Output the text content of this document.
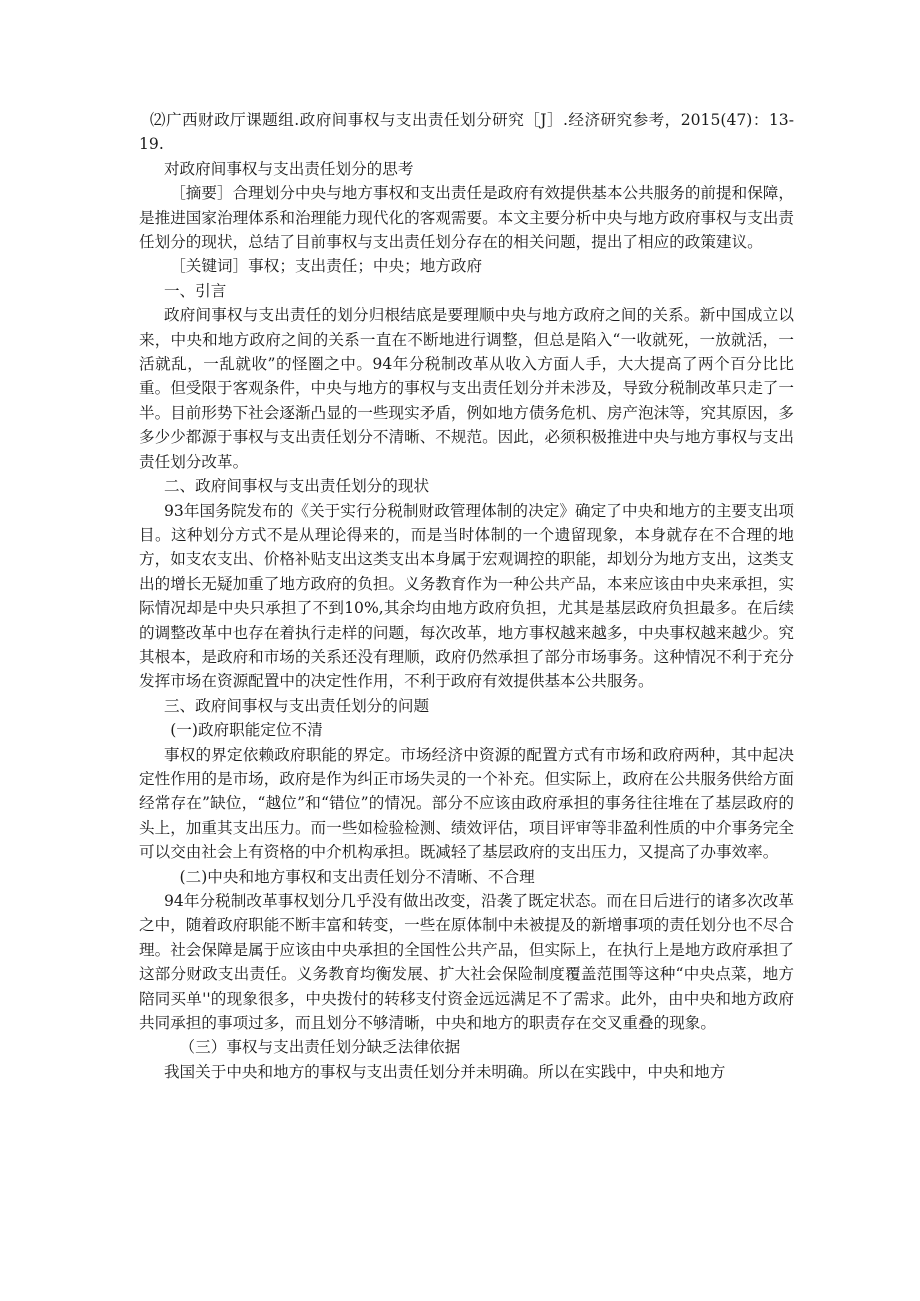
⑵广西财政厅课题组.政府间事权与支出责任划分研究［J］.经济研究参考，2015(47)：13-19.

对政府间事权与支出责任划分的思考

［摘要］合理划分中央与地方事权和支出责任是政府有效提供基本公共服务的前提和保障，是推进国家治理体系和治理能力现代化的客观需要。本文主要分析中央与地方政府事权与支出责任划分的现状，总结了目前事权与支出责任划分存在的相关问题，提出了相应的政策建议。

［关键词］事权；支出责任；中央；地方政府

一、引言

政府间事权与支出责任的划分归根结底是要理顺中央与地方政府之间的关系。新中国成立以来，中央和地方政府之间的关系一直在不断地进行调整，但总是陷入“一收就死，一放就活，一活就乱，一乱就收”的怪圈之中。94年分税制改革从收入方面人手，大大提高了两个百分比比重。但受限于客观条件，中央与地方的事权与支出责任划分并未涉及，导致分税制改革只走了一半。目前形势下社会逐渐凸显的一些现实矛盾，例如地方债务危机、房产泡沫等，究其原因，多多少少都源于事权与支出责任划分不清晰、不规范。因此，必须积极推进中央与地方事权与支出责任划分改革。

二、政府间事权与支出责任划分的现状

93年国务院发布的《关于实行分税制财政管理体制的决定》确定了中央和地方的主要支出项目。这种划分方式不是从理论得来的，而是当时体制的一个遗留现象，本身就存在不合理的地方，如支农支出、价格补贴支出这类支出本身属于宏观调控的职能，却划分为地方支出，这类支出的增长无疑加重了地方政府的负担。义务教育作为一种公共产品，本来应该由中央来承担，实际情况却是中央只承担了不到10%,其余均由地方政府负担，尤其是基层政府负担最多。在后续的调整改革中也存在着执行走样的问题，每次改革，地方事权越来越多，中央事权越来越少。究其根本，是政府和市场的关系还没有理顺，政府仍然承担了部分市场事务。这种情况不利于充分发挥市场在资源配置中的决定性作用，不利于政府有效提供基本公共服务。

三、政府间事权与支出责任划分的问题

(一)政府职能定位不清

事权的界定依赖政府职能的界定。市场经济中资源的配置方式有市场和政府两种，其中起决定性作用的是市场，政府是作为纠正市场失灵的一个补充。但实际上，政府在公共服务供给方面经常存在”缺位，“越位”和“错位”的情况。部分不应该由政府承担的事务往往堆在了基层政府的头上，加重其支出压力。而一些如检验检测、绩效评估，项目评审等非盈利性质的中介事务完全可以交由社会上有资格的中介机构承担。既减轻了基层政府的支出压力，又提高了办事效率。

(二)中央和地方事权和支出责任划分不清晰、不合理

94年分税制改革事权划分几乎没有做出改变，沿袭了既定状态。而在日后进行的诸多次改革之中，随着政府职能不断丰富和转变，一些在原体制中未被提及的新增事项的责任划分也不尽合理。社会保障是属于应该由中央承担的全国性公共产品，但实际上，在执行上是地方政府承担了这部分财政支出责任。义务教育均衡发展、扩大社会保险制度覆盖范围等这种“中央点菜，地方陪同买单''的现象很多，中央拨付的转移支付资金远远满足不了需求。此外，由中央和地方政府共同承担的事项过多，而且划分不够清晰，中央和地方的职责存在交叉重叠的现象。

（三）事权与支出责任划分缺乏法律依据

我国关于中央和地方的事权与支出责任划分并未明确。所以在实践中，中央和地方
